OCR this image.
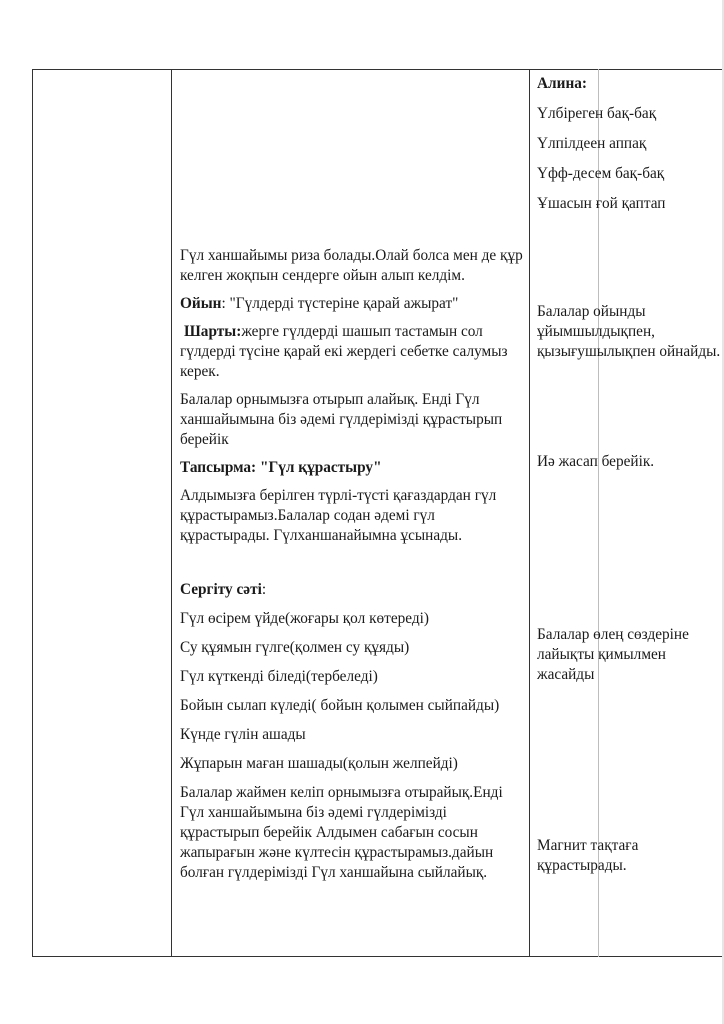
Гүл ханшайымы риза болады.Олай болса мен де құр келген жоқпын сендерге ойын алып келдім.

Ойын: "Гүлдерді түстеріне қарай ажырат"

Шарты:жерге гүлдерді шашып тастамын сол гүлдерді түсіне қарай екі жердегі себетке салумыз керек.

Балалар орнымызға отырып алайық. Енді Гүл ханшайымына біз әдемі гүлдерімізді құрастырып берейік

Тапсырма: "Гүл құрастыру"

Алдымызға берілген түрлі-түсті қағаздардан гүл құрастырамыз.Балалар содан әдемі гүл құрастырады. Гүлханшанайымна ұсынады.

Сергіту сәті:

Гүл өсірем үйде(жоғары қол көтереді)

Су құямын гүлге(қолмен су құяды)

Гүл күткенді біледі(тербеледі)

Бойын сылап күледі( бойын қолымен сыйпайды)

Күнде гүлін ашады

Жұпарын маған шашады(қолын желпейді)

Балалар жаймен келіп орнымызға отырайық.Енді Гүл ханшайымына біз әдемі гүлдерімізді құрастырып берейік Алдымен сабағын сосын жапырағын және күлтесін құрастырамыз.дайын болған гүлдерімізді Гүл ханшайына сыйлайық.

Алина:

Үлбіреген бақ-бақ

Үлпілдеен аппақ

Үфф-десем бақ-бақ

Ұшасын ғой қаптап

Балалар ойынды ұйымшылдықпен, қызығушылықпен ойнайды.
Иә жасап берейік.
Балалар өлең сөздеріне лайықты қимылмен жасайды
Магнит тақтаға құрастырады.
